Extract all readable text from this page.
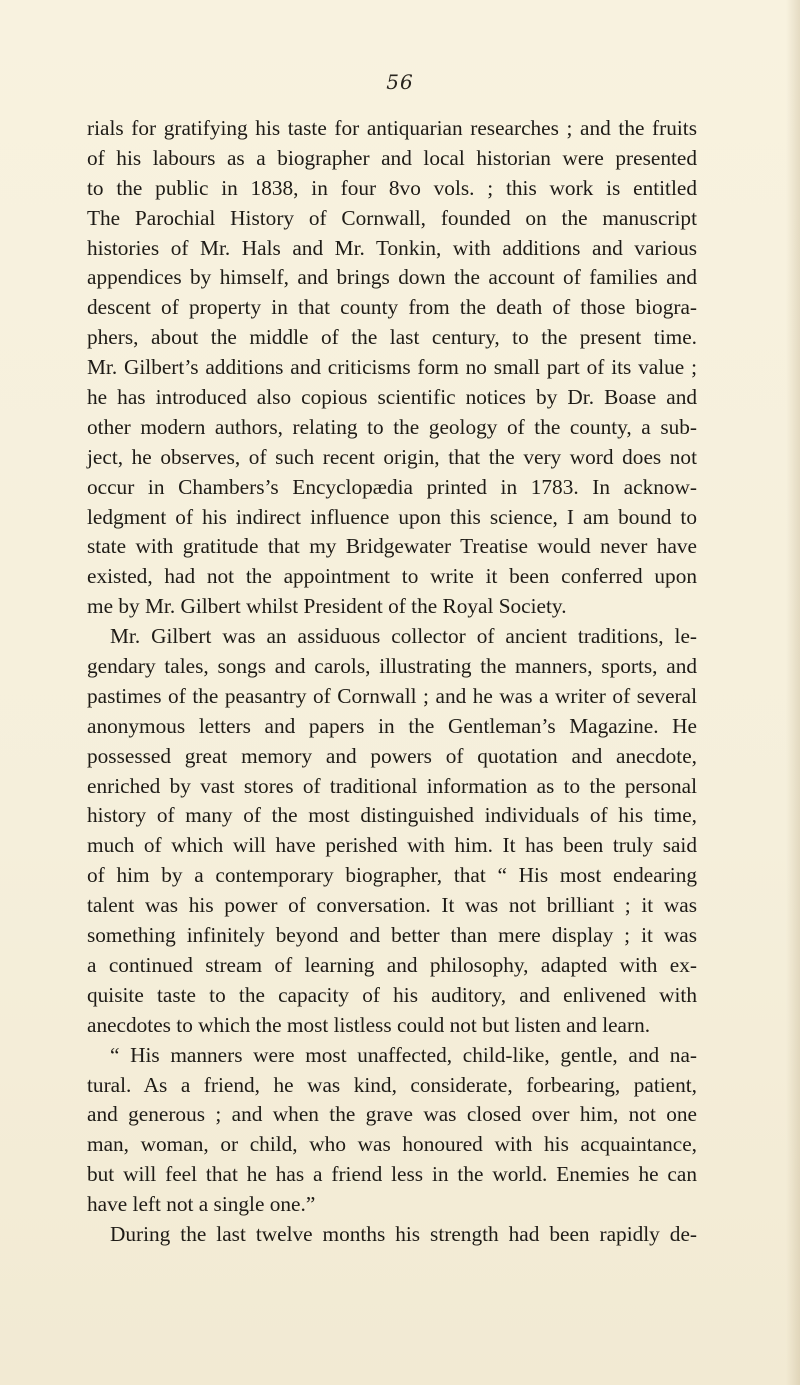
56
rials for gratifying his taste for antiquarian researches ; and the fruits
of his labours as a biographer and local historian were presented
to the public in 1838, in four 8vo vols. ; this work is entitled
The Parochial History of Cornwall, founded on the manuscript
histories of Mr. Hals and Mr. Tonkin, with additions and various
appendices by himself, and brings down the account of families and
descent of property in that county from the death of those biogra-
phers, about the middle of the last century, to the present time.
Mr. Gilbert’s additions and criticisms form no small part of its value ;
he has introduced also copious scientific notices by Dr. Boase and
other modern authors, relating to the geology of the county, a sub-
ject, he observes, of such recent origin, that the very word does not
occur in Chambers’s Encyclopædia printed in 1783. In acknow-
ledgment of his indirect influence upon this science, I am bound to
state with gratitude that my Bridgewater Treatise would never have
existed, had not the appointment to write it been conferred upon
me by Mr. Gilbert whilst President of the Royal Society.
Mr. Gilbert was an assiduous collector of ancient traditions, le-
gendary tales, songs and carols, illustrating the manners, sports, and
pastimes of the peasantry of Cornwall ; and he was a writer of several
anonymous letters and papers in the Gentleman’s Magazine. He
possessed great memory and powers of quotation and anecdote,
enriched by vast stores of traditional information as to the personal
history of many of the most distinguished individuals of his time,
much of which will have perished with him. It has been truly said
of him by a contemporary biographer, that “ His most endearing
talent was his power of conversation. It was not brilliant ; it was
something infinitely beyond and better than mere display ; it was
a continued stream of learning and philosophy, adapted with ex-
quisite taste to the capacity of his auditory, and enlivened with
anecdotes to which the most listless could not but listen and learn.
“ His manners were most unaffected, child-like, gentle, and na-
tural. As a friend, he was kind, considerate, forbearing, patient,
and generous ; and when the grave was closed over him, not one
man, woman, or child, who was honoured with his acquaintance,
but will feel that he has a friend less in the world. Enemies he can
have left not a single one.”
During the last twelve months his strength had been rapidly de-
